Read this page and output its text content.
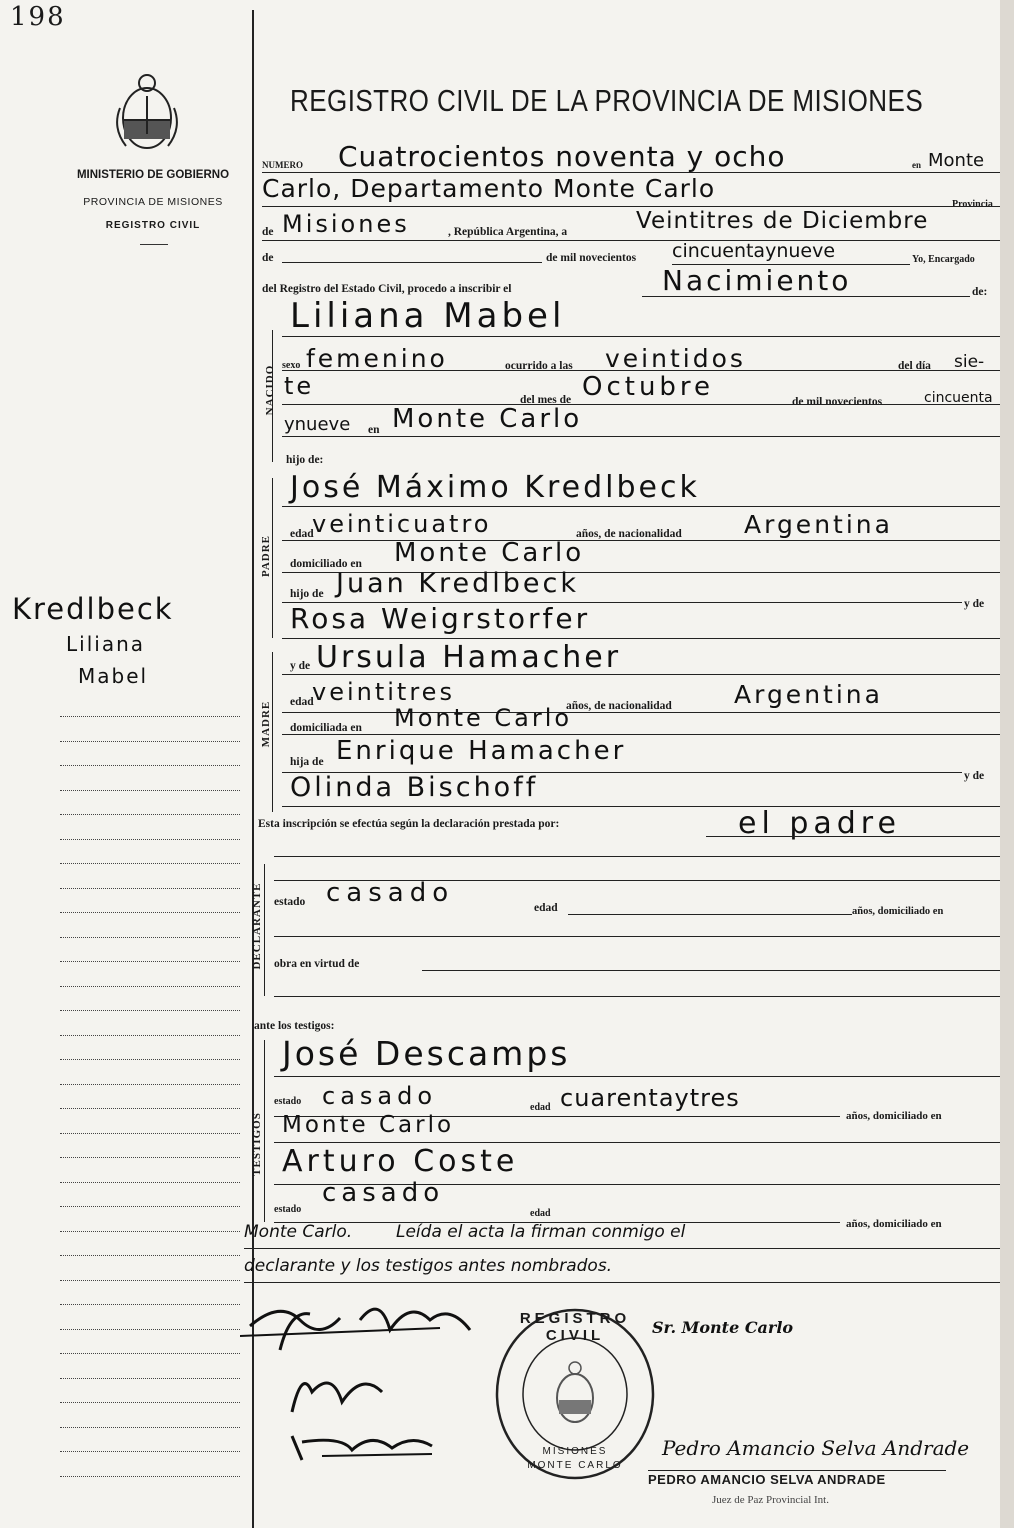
198
MINISTERIO DE GOBIERNO
PROVINCIA DE MISIONES
REGISTRO CIVIL
REGISTRO CIVIL DE LA PROVINCIA DE MISIONES
Kredlbeck
Liliana
Mabel
NUMERO Cuatrocientos noventa y ocho	en Monte
Carlo, Departamento Monte Carlo
Provincia
de Misiones	, República Argentina, a	Veintitres de Diciembre
de	de mil novecientos cincuentaynueve	Yo, Encargado
del Registro del Estado Civil, procedo a inscribir el	Nacimiento	de:
NACIDO
Liliana Mabel
sexo femenino	ocurrido a las veintidos	del día sie-
te	del mes de Octubre	de mil novecientos	cincuenta
ynueve en Monte Carlo
hijo de:
PADRE
José Máximo Kredlbeck
edad
veinticuatro	años, de nacionalidad Argentina
domiciliado en Monte Carlo
hijo de Juan Kredlbeck
y de
Rosa Weigrstorfer
MADRE
y de Ursula Hamacher
edad
veintitres	años, de nacionalidad Argentina
domiciliada en Monte Carlo
hija de Enrique Hamacher
y de
Olinda Bischoff
Esta inscripción se efectúa según la declaración prestada por:	el padre
DECLARANTE estado casado	edad	años, domiciliado en
obra en virtud de
ante los testigos:
TESTIGOS
José Descamps
estado casado	edad cuarentaytres
años, domiciliado en
Monte Carlo
Arturo Coste
estado
casado
edad
años, domiciliado en
Monte Carlo.	Leída el acta la firman conmigo el
declarante y los testigos antes nombrados.
Sr. Monte Carlo
REGISTRO CIVIL
MISIONES
MONTE CARLO
Pedro Amancio Selva Andrade
PEDRO AMANCIO SELVA ANDRADE
Juez de Paz Provincial Int.
